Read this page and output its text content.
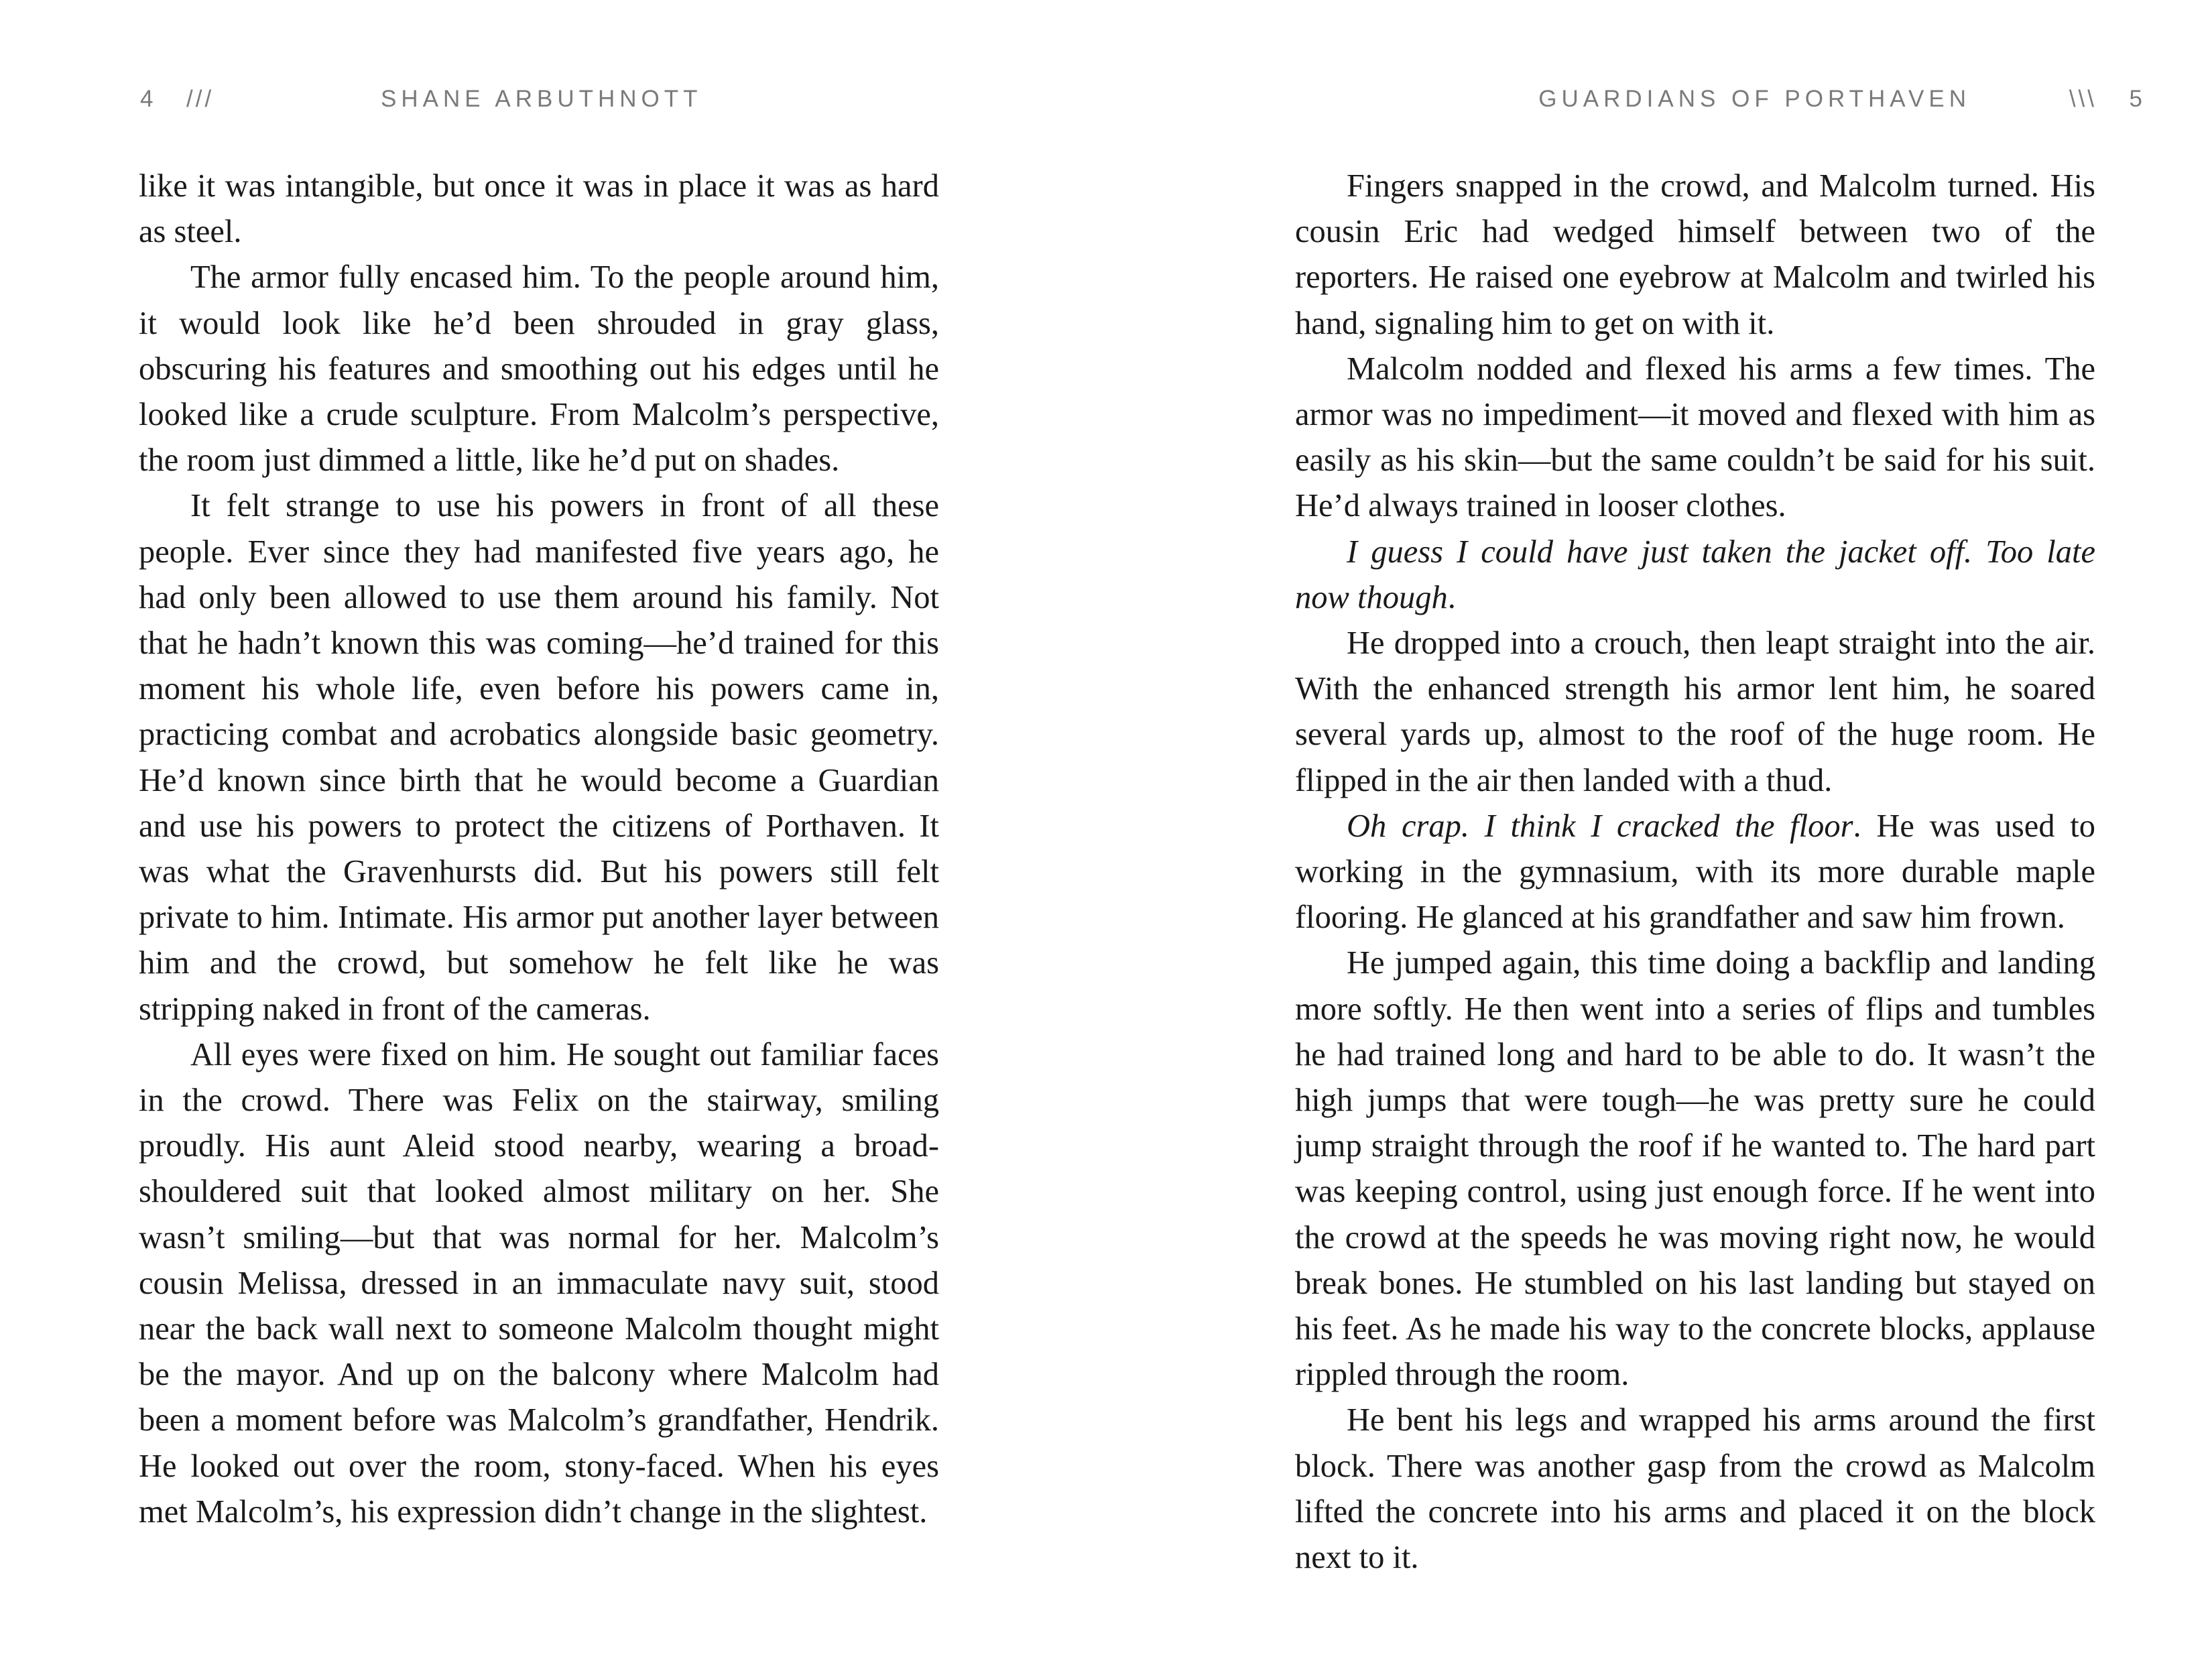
4 ///	SHANE ARBUTHNOTT

like it was intangible, but once it was in place it was as hard as steel.

The armor fully encased him. To the people around him, it would look like he’d been shrouded in gray glass, obscuring his features and smoothing out his edges until he looked like a crude sculpture. From Malcolm’s perspective, the room just dimmed a little, like he’d put on shades.

It felt strange to use his powers in front of all these people. Ever since they had manifested five years ago, he had only been allowed to use them around his family. Not that he hadn’t known this was coming—he’d trained for this moment his whole life, even before his powers came in, practicing combat and acrobatics alongside basic geometry. He’d known since birth that he would become a Guardian and use his powers to protect the citizens of Porthaven. It was what the Gravenhursts did. But his powers still felt private to him. Intimate. His armor put another layer between him and the crowd, but somehow he felt like he was stripping naked in front of the cameras.

All eyes were fixed on him. He sought out familiar faces in the crowd. There was Felix on the stairway, smiling proudly. His aunt Aleid stood nearby, wearing a broad-shouldered suit that looked almost military on her. She wasn’t smiling—but that was normal for her. Malcolm’s cousin Melissa, dressed in an immaculate navy suit, stood near the back wall next to someone Malcolm thought might be the mayor. And up on the balcony where Malcolm had been a moment before was Malcolm’s grandfather, Hendrik. He looked out over the room, stony-faced. When his eyes met Malcolm’s, his expression didn’t change in the slightest.

GUARDIANS OF PORTHAVEN	\\\ 5

Fingers snapped in the crowd, and Malcolm turned. His cousin Eric had wedged himself between two of the reporters. He raised one eyebrow at Malcolm and twirled his hand, signaling him to get on with it.

Malcolm nodded and flexed his arms a few times. The armor was no impediment—it moved and flexed with him as easily as his skin—but the same couldn’t be said for his suit. He’d always trained in looser clothes.

I guess I could have just taken the jacket off. Too late now though.

He dropped into a crouch, then leapt straight into the air. With the enhanced strength his armor lent him, he soared several yards up, almost to the roof of the huge room. He flipped in the air then landed with a thud.

Oh crap. I think I cracked the floor. He was used to working in the gymnasium, with its more durable maple flooring. He glanced at his grandfather and saw him frown.

He jumped again, this time doing a backflip and landing more softly. He then went into a series of flips and tumbles he had trained long and hard to be able to do. It wasn’t the high jumps that were tough—he was pretty sure he could jump straight through the roof if he wanted to. The hard part was keeping control, using just enough force. If he went into the crowd at the speeds he was moving right now, he would break bones. He stumbled on his last landing but stayed on his feet. As he made his way to the concrete blocks, applause rippled through the room.

He bent his legs and wrapped his arms around the first block. There was another gasp from the crowd as Malcolm lifted the concrete into his arms and placed it on the block next to it.
